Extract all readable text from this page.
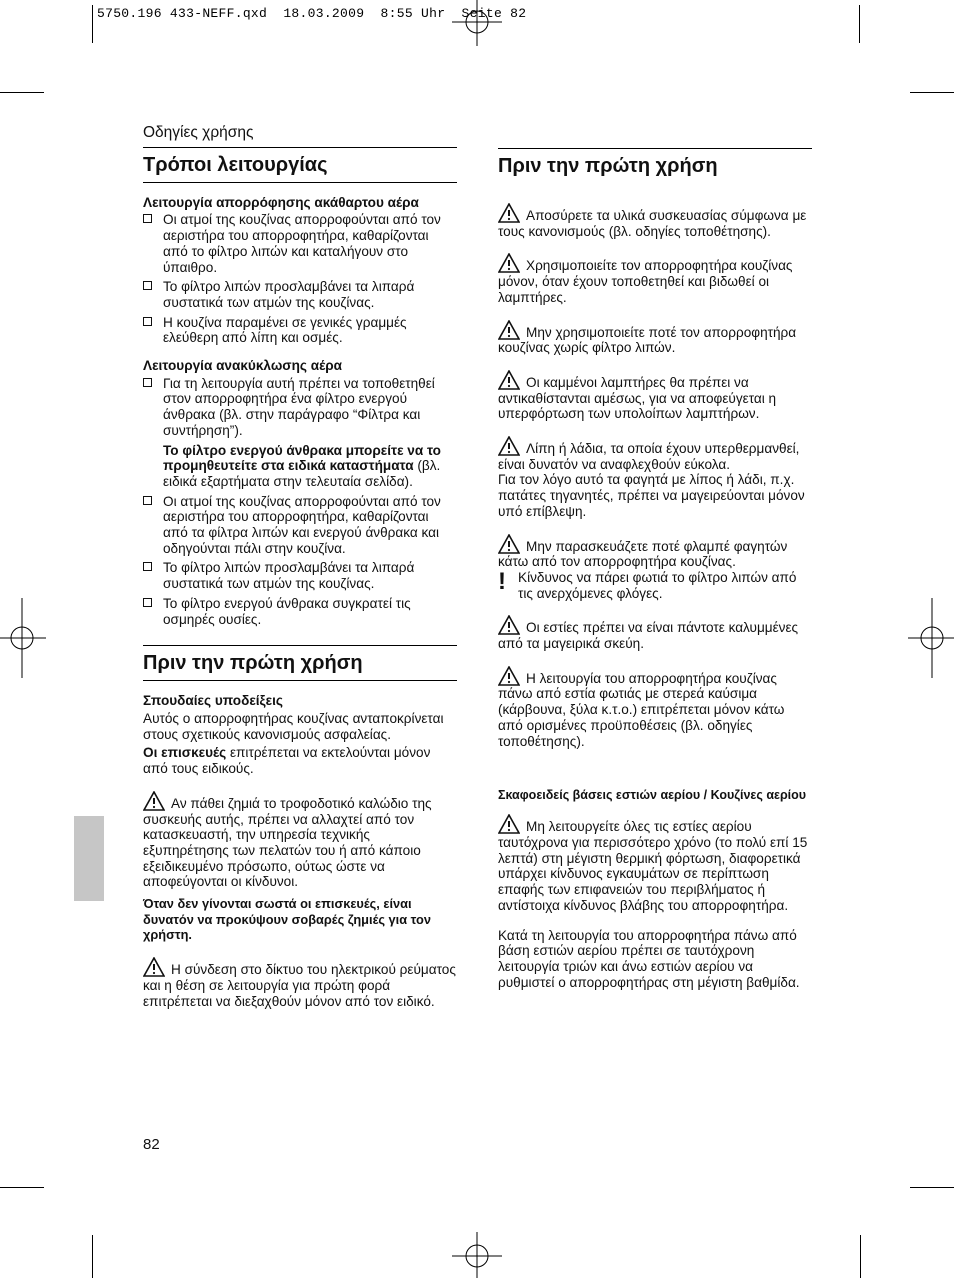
5750.196 433-NEFF.qxd  18.03.2009  8:55 Uhr  Seite 82
Οδηγίες χρήσης
Τρόποι λειτουργίας
Λειτουργία απορρόφησης ακάθαρτου αέρα
Οι ατμοί της κουζίνας απορροφούνται από τον αεριστήρα του απορροφητήρα, καθαρίζονται από το φίλτρο λιπών και καταλήγουν στο ύπαιθρο.
Το φίλτρο λιπών προσλαμβάνει τα λιπαρά συστατικά των ατμών της κουζίνας.
Η κουζίνα παραμένει σε γενικές γραμμές ελεύθερη από λίπη και οσμές.
Λειτουργία ανακύκλωσης αέρα
Για τη λειτουργία αυτή πρέπει να τοποθετηθεί στον απορροφητήρα ένα φίλτρο ενεργού άνθρακα (βλ. στην παράγραφο “Φίλτρα και συντήρηση”).
Το φίλτρο ενεργού άνθρακα μπορείτε να το προμηθευτείτε στα ειδικά καταστήματα (βλ. ειδικά εξαρτήματα στην τελευταία σελίδα).
Οι ατμοί της κουζίνας απορροφούνται από τον αεριστήρα του απορροφητήρα, καθαρίζονται από τα φίλτρα λιπών και ενεργού άνθρακα και οδηγούνται πάλι στην κουζίνα.
Το φίλτρο λιπών προσλαμβάνει τα λιπαρά συστατικά των ατμών της κουζίνας.
Το φίλτρο ενεργού άνθρακα συγκρατεί τις οσμηρές ουσίες.
Πριν την πρώτη χρήση
Σπουδαίες υποδείξεις
Αυτός ο απορροφητήρας κουζίνας ανταποκρίνεται στους σχετικούς κανονισμούς ασφαλείας.
Οι επισκευές επιτρέπεται να εκτελούνται μόνον από τους ειδικούς.
Αν πάθει ζημιά το τροφοδοτικό καλώδιο της συσκευής αυτής, πρέπει να αλλαχτεί από τον κατασκευαστή, την υπηρεσία τεχνικής εξυπηρέτησης των πελατών του ή από κάποιο εξειδικευμένο πρόσωπο, ούτως ώστε να αποφεύγονται οι κίνδυνοι.
Όταν δεν γίνονται σωστά οι επισκευές, είναι δυνατόν να προκύψουν σοβαρές ζημιές για τον χρήστη.
Η σύνδεση στο δίκτυο του ηλεκτρικού ρεύματος και η θέση σε λειτουργία για πρώτη φορά επιτρέπεται να διεξαχθούν μόνον από τον ειδικό.
82
Πριν την πρώτη χρήση
Αποσύρετε τα υλικά συσκευασίας σύμφωνα με τους κανονισμούς (βλ. οδηγίες τοποθέτησης).
Χρησιμοποιείτε τον απορροφητήρα κουζίνας μόνον, όταν έχουν τοποθετηθεί και βιδωθεί οι λαμπτήρες.
Μην χρησιμοποιείτε ποτέ τον απορροφητήρα κουζίνας χωρίς φίλτρο λιπών.
Οι καμμένοι λαμπτήρες θα πρέπει να αντικαθίστανται αμέσως, για να αποφεύγεται η υπερφόρτωση των υπολοίπων λαμπτήρων.
Λίπη ή λάδια, τα οποία έχουν υπερθερμανθεί, είναι δυνατόν να αναφλεχθούν εύκολα.
Για τον λόγο αυτό τα φαγητά με λίπος ή λάδι, π.χ. πατάτες τηγανητές, πρέπει να μαγειρεύονται μόνον υπό επίβλεψη.
Μην παρασκευάζετε ποτέ φλαμπέ φαγητών κάτω από τον απορροφητήρα κουζίνας.
! Κίνδυνος να πάρει φωτιά το φίλτρο λιπών από τις ανερχόμενες φλόγες.
Οι εστίες πρέπει να είναι πάντοτε καλυμμένες από τα μαγειρικά σκεύη.
Η λειτουργία του απορροφητήρα κουζίνας πάνω από εστία φωτιάς με στερεά καύσιμα (κάρβουνα, ξύλα κ.τ.ο.) επιτρέπεται μόνον κάτω από ορισμένες προϋποθέσεις (βλ. οδηγίες τοποθέτησης).
Σκαφοειδείς βάσεις εστιών αερίου / Κουζίνες αερίου
Μη λειτουργείτε όλες τις εστίες αερίου ταυτόχρονα για περισσότερο χρόνο (το πολύ επί 15 λεπτά) στη μέγιστη θερμική φόρτωση, διαφορετικά υπάρχει κίνδυνος εγκαυμάτων σε περίπτωση επαφής των επιφανειών του περιβλήματος ή αντίστοιχα κίνδυνος βλάβης του απορροφητήρα.
Κατά τη λειτουργία του απορροφητήρα πάνω από βάση εστιών αερίου πρέπει σε ταυτόχρονη λειτουργία τριών και άνω εστιών αερίου να ρυθμιστεί ο απορροφητήρας στη μέγιστη βαθμίδα.
